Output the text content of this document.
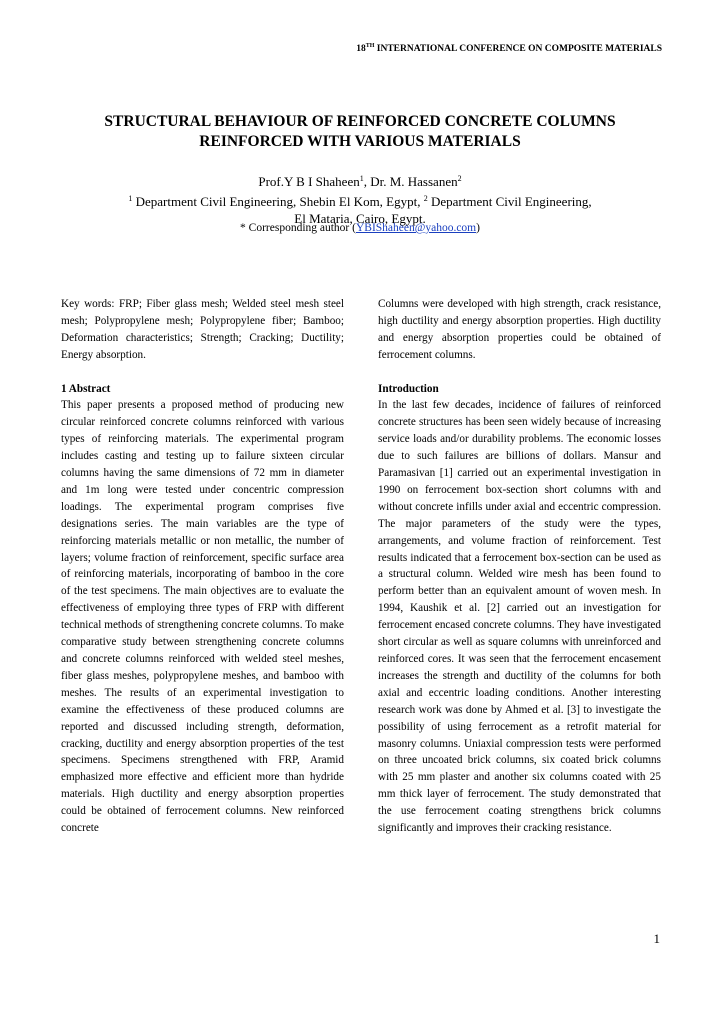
18TH INTERNATIONAL CONFERENCE ON COMPOSITE MATERIALS
STRUCTURAL BEHAVIOUR OF REINFORCED CONCRETE COLUMNS
REINFORCED WITH VARIOUS MATERIALS
Prof.Y B I Shaheen$^1$, Dr. M. Hassanen$^2$
$^1$ Department Civil Engineering, Shebin El Kom, Egypt, $^2$ Department Civil Engineering,
El Mataria, Cairo, Egypt.
* Corresponding author (YBIShaheen@yahoo.com)

Key words: FRP; Fiber glass mesh; Welded steel mesh steel mesh; Polypropylene mesh; Polypropylene fiber; Bamboo; Deformation characteristics; Strength; Cracking; Ductility; Energy absorption.

1 Abstract

This paper presents a proposed method of producing new circular reinforced concrete columns reinforced with various types of reinforcing materials. The experimental program includes casting and testing up to failure sixteen circular columns having the same dimensions of 72 mm in diameter and 1m long were tested under concentric compression loadings. The experimental program comprises five designations series. The main variables are the type of reinforcing materials metallic or non metallic, the number of layers; volume fraction of reinforcement, specific surface area of reinforcing materials, incorporating of bamboo in the core of the test specimens. The main objectives are to evaluate the effectiveness of employing three types of FRP with different technical methods of strengthening concrete columns. To make comparative study between strengthening concrete columns and concrete columns reinforced with welded steel meshes, fiber glass meshes, polypropylene meshes, and bamboo with meshes. The results of an experimental investigation to examine the effectiveness of these produced columns are reported and discussed including strength, deformation, cracking, ductility and energy absorption properties of the test specimens. Specimens strengthened with FRP, Aramid emphasized more effective and efficient more than hydride materials. High ductility and energy absorption properties could be obtained of ferrocement columns. New reinforced concrete

Columns were developed with high strength, crack resistance, high ductility and energy absorption properties. High ductility and energy absorption properties could be obtained of ferrocement columns.

Introduction

In the last few decades, incidence of failures of reinforced concrete structures has been seen widely because of increasing service loads and/or durability problems. The economic losses due to such failures are billions of dollars. Mansur and Paramasivan [1] carried out an experimental investigation in 1990 on ferrocement box-section short columns with and without concrete infills under axial and eccentric compression. The major parameters of the study were the types, arrangements, and volume fraction of reinforcement. Test results indicated that a ferrocement box-section can be used as a structural column. Welded wire mesh has been found to perform better than an equivalent amount of woven mesh. In 1994, Kaushik et al. [2] carried out an investigation for ferrocement encased concrete columns. They have investigated short circular as well as square columns with unreinforced and reinforced cores. It was seen that the ferrocement encasement increases the strength and ductility of the columns for both axial and eccentric loading conditions. Another interesting research work was done by Ahmed et al. [3] to investigate the possibility of using ferrocement as a retrofit material for masonry columns. Uniaxial compression tests were performed on three uncoated brick columns, six coated brick columns with 25 mm plaster and another six columns coated with 25 mm thick layer of ferrocement. The study demonstrated that the use ferrocement coating strengthens brick columns significantly and improves their cracking resistance.

1
